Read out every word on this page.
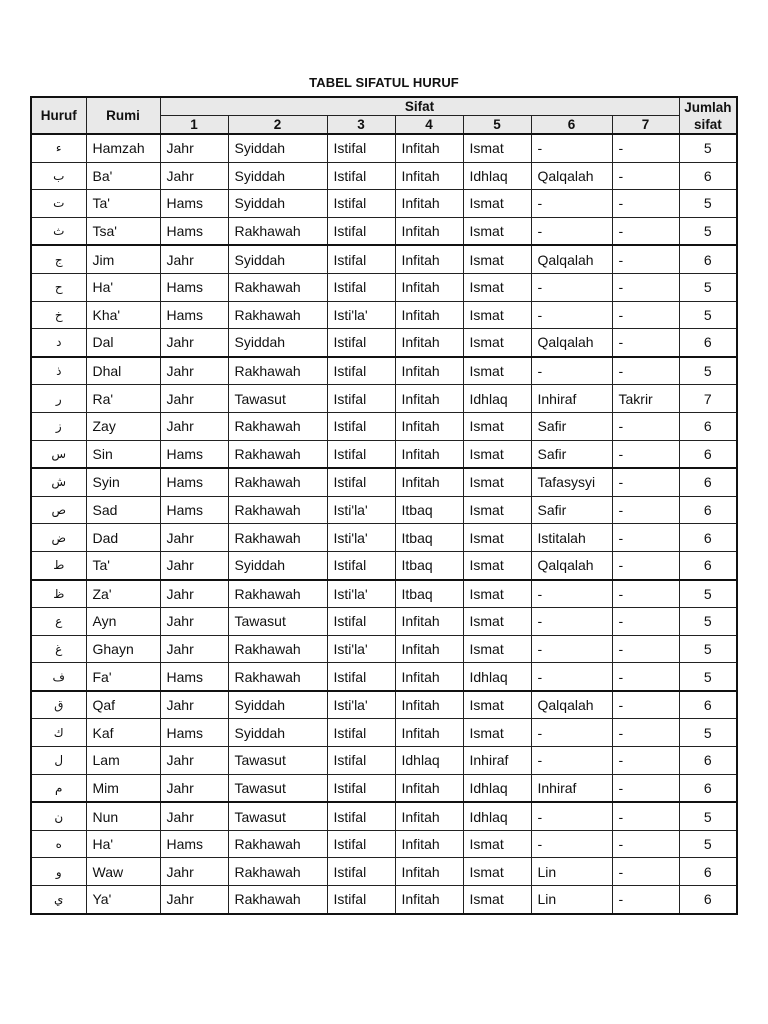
TABEL SIFATUL HURUF
Huruf	Rumi	Sifat							Jumlah
sifat
		1	2	3	4	5	6	7	
ء	Hamzah	Jahr	Syiddah	Istifal	Infitah	Ismat	-	-	5
ب	Ba'	Jahr	Syiddah	Istifal	Infitah	Idhlaq	Qalqalah	-	6
ت	Ta'	Hams	Syiddah	Istifal	Infitah	Ismat	-	-	5
ث	Tsa'	Hams	Rakhawah	Istifal	Infitah	Ismat	-	-	5
ج	Jim	Jahr	Syiddah	Istifal	Infitah	Ismat	Qalqalah	-	6
ح	Ha'	Hams	Rakhawah	Istifal	Infitah	Ismat	-	-	5
خ	Kha'	Hams	Rakhawah	Isti'la'	Infitah	Ismat	-	-	5
د	Dal	Jahr	Syiddah	Istifal	Infitah	Ismat	Qalqalah	-	6
ذ	Dhal	Jahr	Rakhawah	Istifal	Infitah	Ismat	-	-	5
ر	Ra'	Jahr	Tawasut	Istifal	Infitah	Idhlaq	Inhiraf	Takrir	7
ز	Zay	Jahr	Rakhawah	Istifal	Infitah	Ismat	Safir	-	6
س	Sin	Hams	Rakhawah	Istifal	Infitah	Ismat	Safir	-	6
ش	Syin	Hams	Rakhawah	Istifal	Infitah	Ismat	Tafasysyi	-	6
ص	Sad	Hams	Rakhawah	Isti'la'	Itbaq	Ismat	Safir	-	6
ض	Dad	Jahr	Rakhawah	Isti'la'	Itbaq	Ismat	Istitalah	-	6
ط	Ta'	Jahr	Syiddah	Istifal	Itbaq	Ismat	Qalqalah	-	6
ظ	Za'	Jahr	Rakhawah	Isti'la'	Itbaq	Ismat	-	-	5
ع	Ayn	Jahr	Tawasut	Istifal	Infitah	Ismat	-	-	5
غ	Ghayn	Jahr	Rakhawah	Isti'la'	Infitah	Ismat	-	-	5
ف	Fa'	Hams	Rakhawah	Istifal	Infitah	Idhlaq	-	-	5
ق	Qaf	Jahr	Syiddah	Isti'la'	Infitah	Ismat	Qalqalah	-	6
ك	Kaf	Hams	Syiddah	Istifal	Infitah	Ismat	-	-	5
ل	Lam	Jahr	Tawasut	Istifal	Idhlaq	Inhiraf	-	-	6
م	Mim	Jahr	Tawasut	Istifal	Infitah	Idhlaq	Inhiraf	-	6
ن	Nun	Jahr	Tawasut	Istifal	Infitah	Idhlaq	-	-	5
ه	Ha'	Hams	Rakhawah	Istifal	Infitah	Ismat	-	-	5
و	Waw	Jahr	Rakhawah	Istifal	Infitah	Ismat	Lin	-	6
ي	Ya'	Jahr	Rakhawah	Istifal	Infitah	Ismat	Lin	-	6
